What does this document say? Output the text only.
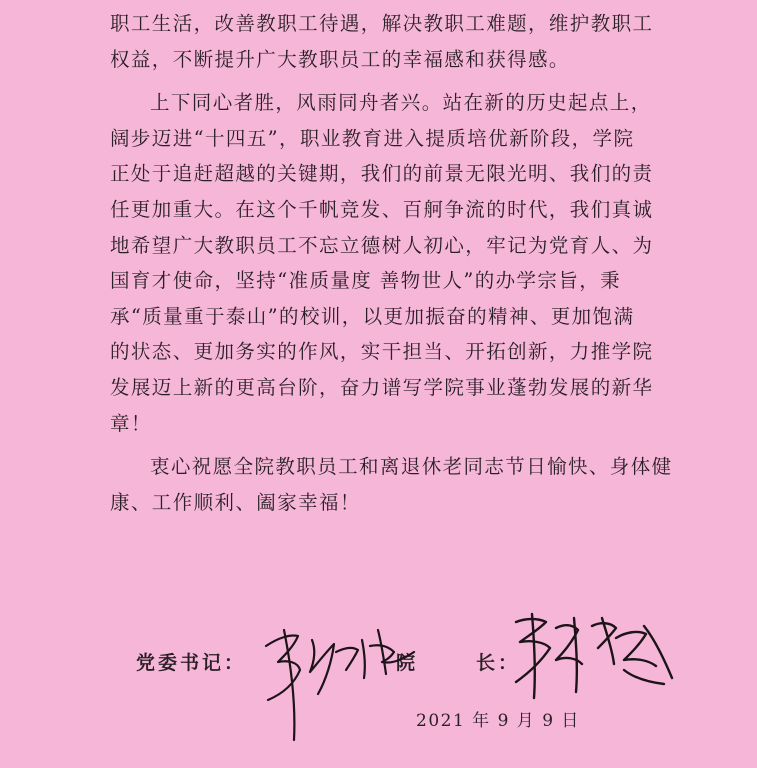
职工生活，改善教职工待遇，解决教职工难题，维护教职工
权益，不断提升广大教职员工的幸福感和获得感。
上下同心者胜，风雨同舟者兴。站在新的历史起点上，
阔步迈进“十四五”，职业教育进入提质培优新阶段，学院
正处于追赶超越的关键期，我们的前景无限光明、我们的责
任更加重大。在这个千帆竞发、百舸争流的时代，我们真诚
地希望广大教职员工不忘立德树人初心，牢记为党育人、为
国育才使命，坚持“准质量度 善物世人”的办学宗旨，秉
承“质量重于泰山”的校训，以更加振奋的精神、更加饱满
的状态、更加务实的作风，实干担当、开拓创新，力推学院
发展迈上新的更高台阶，奋力谱写学院事业蓬勃发展的新华
章！
衷心祝愿全院教职员工和离退休老同志节日愉快、身体健
康、工作顺利、阖家幸福！
党委书记：	院	长：
2021 年 9 月 9 日
